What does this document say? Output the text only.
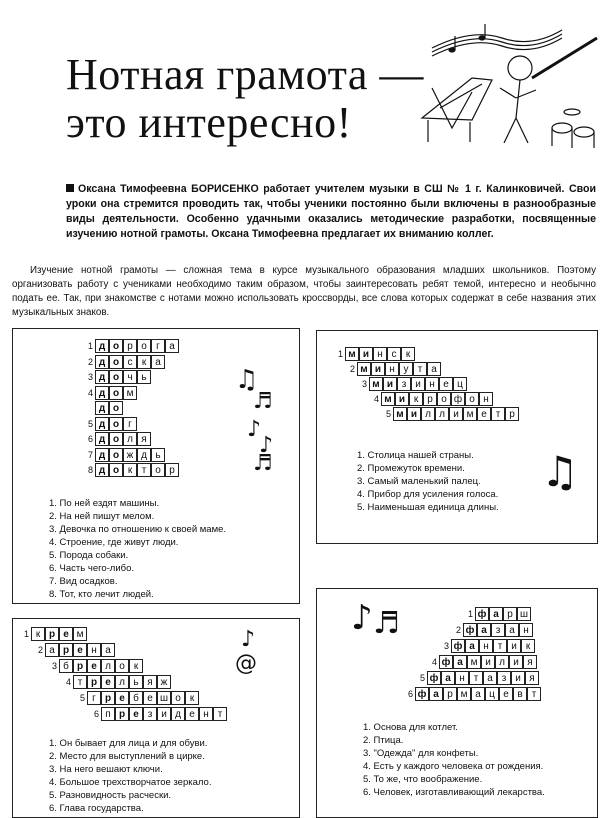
Нотная грамота —
это интересно!
Оксана Тимофеевна БОРИСЕНКО работает учителем музыки в СШ № 1 г. Калинковичей. Свои уроки она стремится проводить так, чтобы ученики постоянно были включены в разнообразные виды деятельности. Особенно удачными оказались методические разработки, посвященные изучению нотной грамоты. Оксана Тимофеевна предлагает их вниманию коллег.
Изучение нотной грамоты — сложная тема в курсе музыкального образования младших школьников. Поэтому организовать работу с учениками необходимо таким образом, чтобы заинтересовать ребят темой, интересно и необычно подать ее. Так, при знакомстве с нотами можно использовать кроссворды, все слова которых содержат в себе названия этих музыкальных знаков.
1 д о р о г а
2 д о с к а
3 д о ч ь
4 д о м
д о
5 д о г
6 д о л я
7 д о ж д ь
8 д о к т о р
1. По ней ездят машины.
2. На ней пишут мелом.
3. Девочка по отношению к своей маме.
4. Строение, где живут люди.
5. Порода собаки.
6. Часть чего-либо.
7. Вид осадков.
8. Тот, кто лечит людей.
♫
♬
♪
♪
♬
1 м и н с к
2 м и н у т а
3 м и з и н е ц
4 м и к р о ф о н
5 м и л л и м е т р
1. Столица нашей страны.
2. Промежуток времени.
3. Самый маленький палец.
4. Прибор для усиления голоса.
5. Наименьшая единица длины.
♫
1 к р е м
2 а р е н а
3 б р е л о к
4 т р е л ь я ж
5 г р е б е ш о к
6 п р е з и д е н т
1. Он бывает для лица и для обуви.
2. Место для выступлений в цирке.
3. На него вешают ключи.
4. Большое трехстворчатое зеркало.
5. Разновидность расчески.
6. Глава государства.
♪
@
1 ф а р ш
2 ф а з а н
3 ф а н т и к
4 ф а м и л и я
5 ф а н т а з и я
6 ф а р м а ц е в т
1. Основа для котлет.
2. Птица.
3. "Одежда" для конфеты.
4. Есть у каждого человека от рождения.
5. То же, что воображение.
6. Человек, изготавливающий лекарства.
♪ ♬
